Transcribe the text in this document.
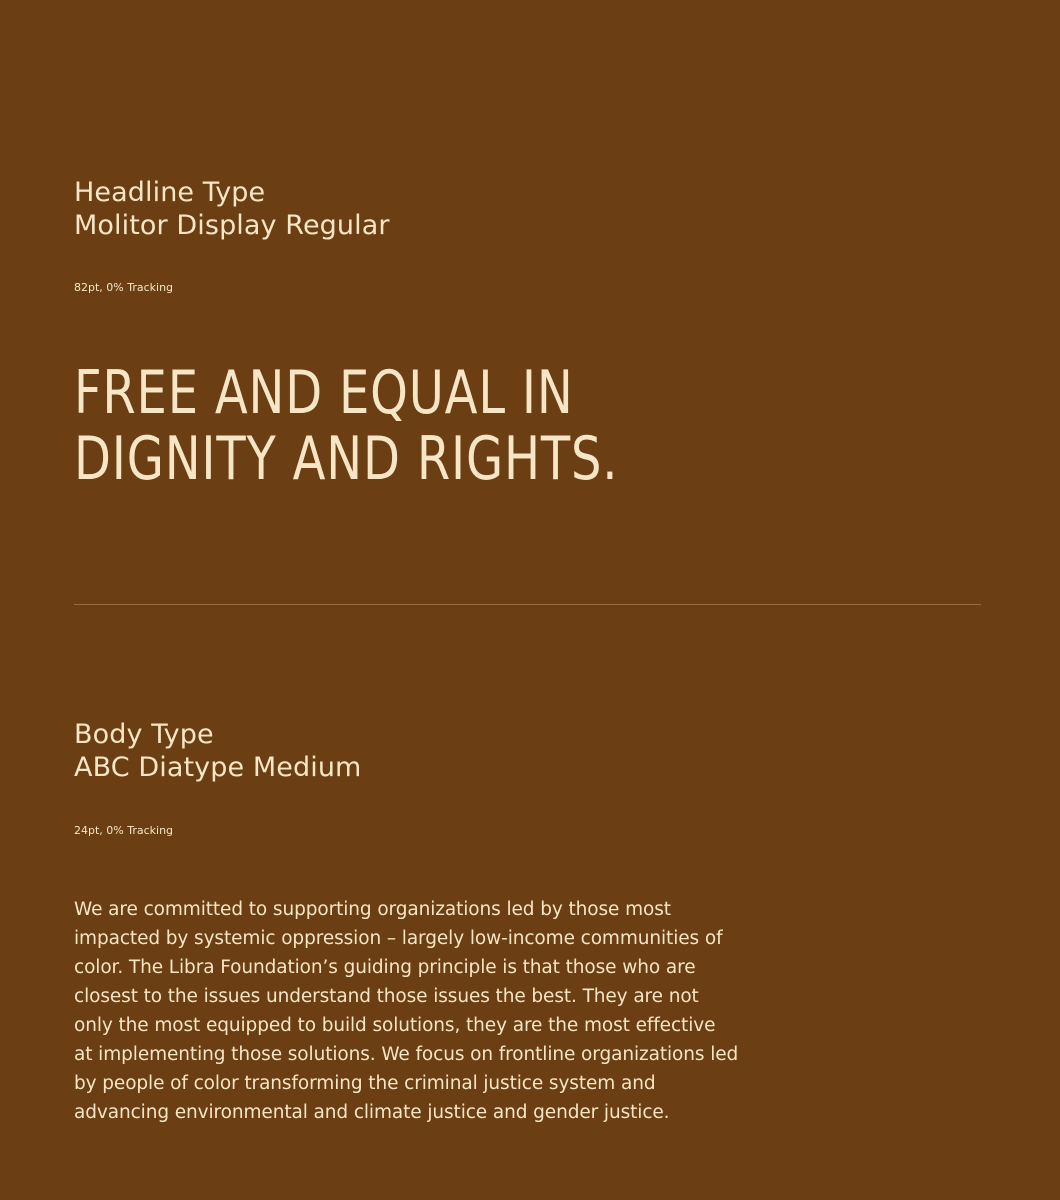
Headline Type
Molitor Display Regular

82pt, 0% Tracking

FREE AND EQUAL IN
DIGNITY AND RIGHTS.
Body Type
ABC Diatype Medium

24pt, 0% Tracking

We are committed to supporting organizations led by those most impacted by systemic oppression – largely low-income communities of color. The Libra Foundation’s guiding principle is that those who are closest to the issues understand those issues the best. They are not only the most equipped to build solutions, they are the most effective at implementing those solutions. We focus on frontline organizations led by people of color transforming the criminal justice system and advancing environmental and climate justice and gender justice.
